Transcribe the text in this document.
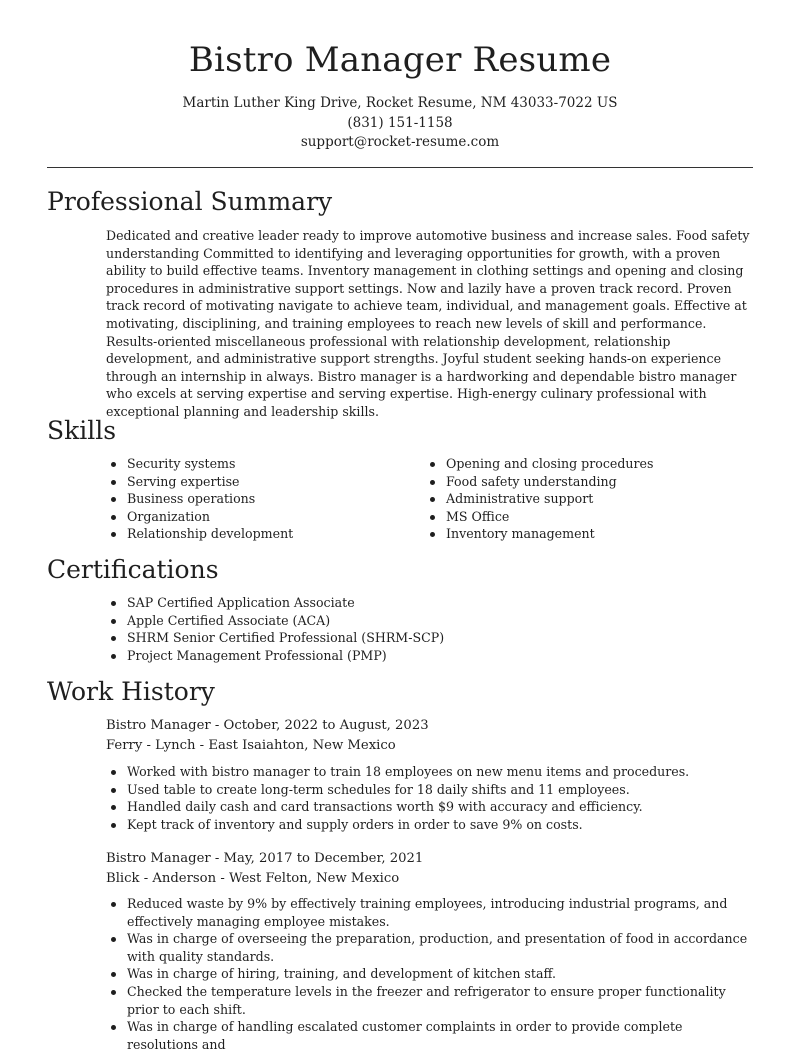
Bistro Manager Resume
Martin Luther King Drive, Rocket Resume, NM 43033-7022 US
(831) 151-1158
support@rocket-resume.com
Professional Summary

Dedicated and creative leader ready to improve automotive business and increase sales. Food safety understanding Committed to identifying and leveraging opportunities for growth, with a proven ability to build effective teams. Inventory management in clothing settings and opening and closing procedures in administrative support settings. Now and lazily have a proven track record. Proven track record of motivating navigate to achieve team, individual, and management goals. Effective at motivating, disciplining, and training employees to reach new levels of skill and performance. Results-oriented miscellaneous professional with relationship development, relationship development, and administrative support strengths. Joyful student seeking hands-on experience through an internship in always. Bistro manager is a hardworking and dependable bistro manager who excels at serving expertise and serving expertise. High-energy culinary professional with exceptional planning and leadership skills.

Skills
Security systems
Serving expertise
Business operations
Organization
Relationship development
Opening and closing procedures
Food safety understanding
Administrative support
MS Office
Inventory management
Certifications
SAP Certified Application Associate
Apple Certified Associate (ACA)
SHRM Senior Certified Professional (SHRM-SCP)
Project Management Professional (PMP)
Work History
Bistro Manager - October, 2022 to August, 2023
Ferry - Lynch - East Isaiahton, New Mexico
Worked with bistro manager to train 18 employees on new menu items and procedures.
Used table to create long-term schedules for 18 daily shifts and 11 employees.
Handled daily cash and card transactions worth $9 with accuracy and efficiency.
Kept track of inventory and supply orders in order to save 9% on costs.
Bistro Manager - May, 2017 to December, 2021
Blick - Anderson - West Felton, New Mexico
Reduced waste by 9% by effectively training employees, introducing industrial programs, and effectively managing employee mistakes.
Was in charge of overseeing the preparation, production, and presentation of food in accordance with quality standards.
Was in charge of hiring, training, and development of kitchen staff.
Checked the temperature levels in the freezer and refrigerator to ensure proper functionality prior to each shift.
Was in charge of handling escalated customer complaints in order to provide complete resolutions and
